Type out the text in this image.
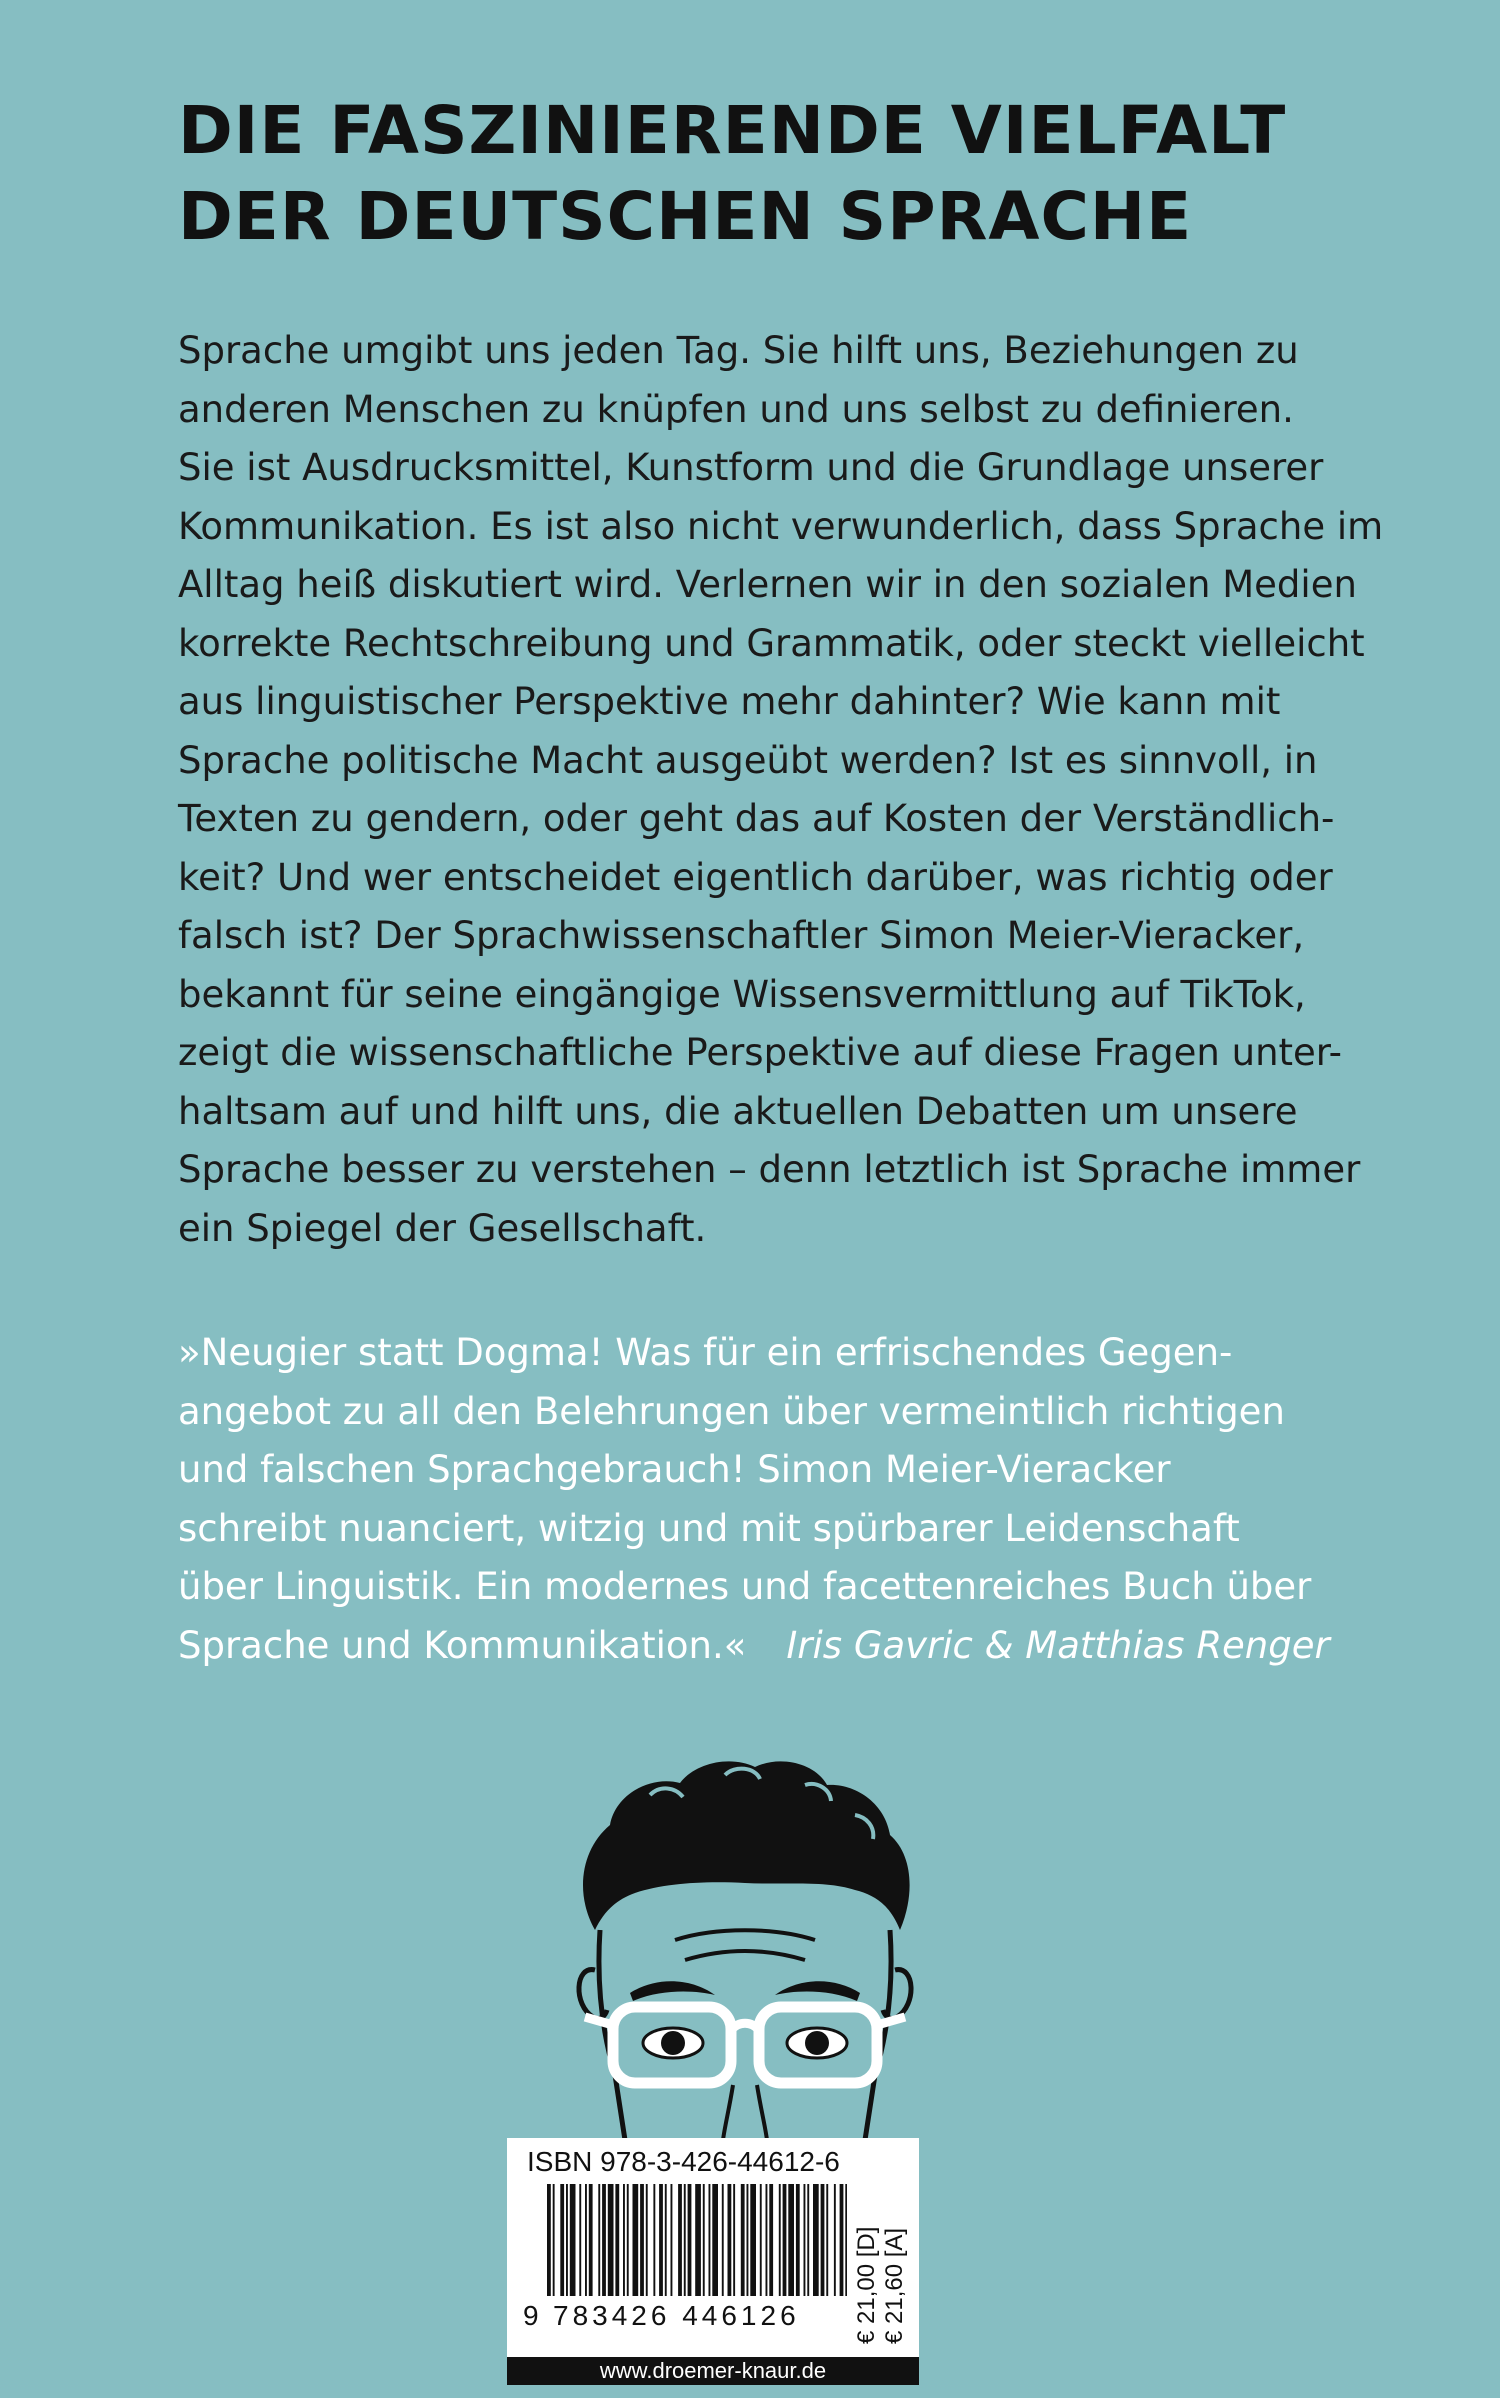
DIE FASZINIERENDE VIELFALT
DER DEUTSCHEN SPRACHE

Sprache umgibt uns jeden Tag. Sie hilft uns, Beziehungen zu
anderen Menschen zu knüpfen und uns selbst zu definieren.
Sie ist Ausdrucksmittel, Kunstform und die Grundlage unserer
Kommunikation. Es ist also nicht verwunderlich, dass Sprache im
Alltag heiß diskutiert wird. Verlernen wir in den sozialen Medien
korrekte Rechtschreibung und Grammatik, oder steckt vielleicht
aus linguistischer Perspektive mehr dahinter? Wie kann mit
Sprache politische Macht ausgeübt werden? Ist es sinnvoll, in
Texten zu gendern, oder geht das auf Kosten der Verständlich-
keit? Und wer entscheidet eigentlich darüber, was richtig oder
falsch ist? Der Sprachwissenschaftler Simon Meier-Vieracker,
bekannt für seine eingängige Wissensvermittlung auf TikTok,
zeigt die wissenschaftliche Perspektive auf diese Fragen unter-
haltsam auf und hilft uns, die aktuellen Debatten um unsere
Sprache besser zu verstehen – denn letztlich ist Sprache immer
ein Spiegel der Gesellschaft.

»Neugier statt Dogma! Was für ein erfrischendes Gegen-
angebot zu all den Belehrungen über vermeintlich richtigen
und falschen Sprachgebrauch! Simon Meier-Vieracker
schreibt nuanciert, witzig und mit spürbarer Leidenschaft
über Linguistik. Ein modernes und facettenreiches Buch über
Sprache und Kommunikation.« Iris Gavric & Matthias Renger

ISBN 978-3-426-44612-6
9 783426 446126 € 21,00 [D] € 21,60 [A]
www.droemer-knaur.de
